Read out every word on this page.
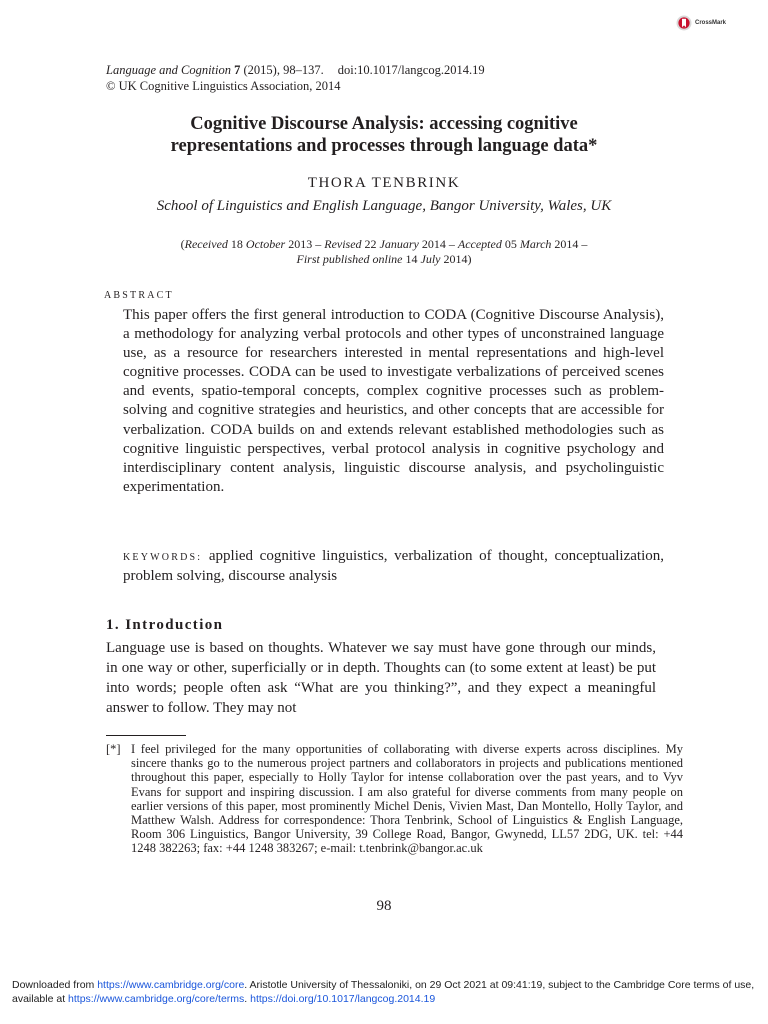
CrossMark
Language and Cognition 7 (2015), 98–137. doi:10.1017/langcog.2014.19
© UK Cognitive Linguistics Association, 2014
Cognitive Discourse Analysis: accessing cognitive
representations and processes through language data*
THORA TENBRINK
School of Linguistics and English Language, Bangor University, Wales, UK
(Received 18 October 2013 – Revised 22 January 2014 – Accepted 05 March 2014 –
First published online 14 July 2014)
ABSTRACT
This paper offers the first general introduction to CODA (Cognitive Discourse Analysis), a methodology for analyzing verbal protocols and other types of unconstrained language use, as a resource for researchers interested in mental representations and high-level cognitive processes. CODA can be used to investigate verbalizations of perceived scenes and events, spatio-temporal concepts, complex cognitive processes such as problem-solving and cognitive strategies and heuristics, and other concepts that are accessible for verbalization. CODA builds on and extends relevant established methodologies such as cognitive linguistic perspectives, verbal protocol analysis in cognitive psychology and interdisciplinary content analysis, linguistic discourse analysis, and psycholinguistic experimentation.
KEYWORDS: applied cognitive linguistics, verbalization of thought, conceptualization, problem solving, discourse analysis
1. Introduction
Language use is based on thoughts. Whatever we say must have gone through our minds, in one way or other, superficially or in depth. Thoughts can (to some extent at least) be put into words; people often ask “What are you thinking?”, and they expect a meaningful answer to follow. They may not
[*] I feel privileged for the many opportunities of collaborating with diverse experts across disciplines. My sincere thanks go to the numerous project partners and collaborators in projects and publications mentioned throughout this paper, especially to Holly Taylor for intense collaboration over the past years, and to Vyv Evans for support and inspiring discussion. I am also grateful for diverse comments from many people on earlier versions of this paper, most prominently Michel Denis, Vivien Mast, Dan Montello, Holly Taylor, and Matthew Walsh. Address for correspondence: Thora Tenbrink, School of Linguistics & English Language, Room 306 Linguistics, Bangor University, 39 College Road, Bangor, Gwynedd, LL57 2DG, UK. tel: +44 1248 382263; fax: +44 1248 383267; e-mail: t.tenbrink@bangor.ac.uk
98
Downloaded from https://www.cambridge.org/core. Aristotle University of Thessaloniki, on 29 Oct 2021 at 09:41:19, subject to the Cambridge Core terms of use, available at https://www.cambridge.org/core/terms. https://doi.org/10.1017/langcog.2014.19
